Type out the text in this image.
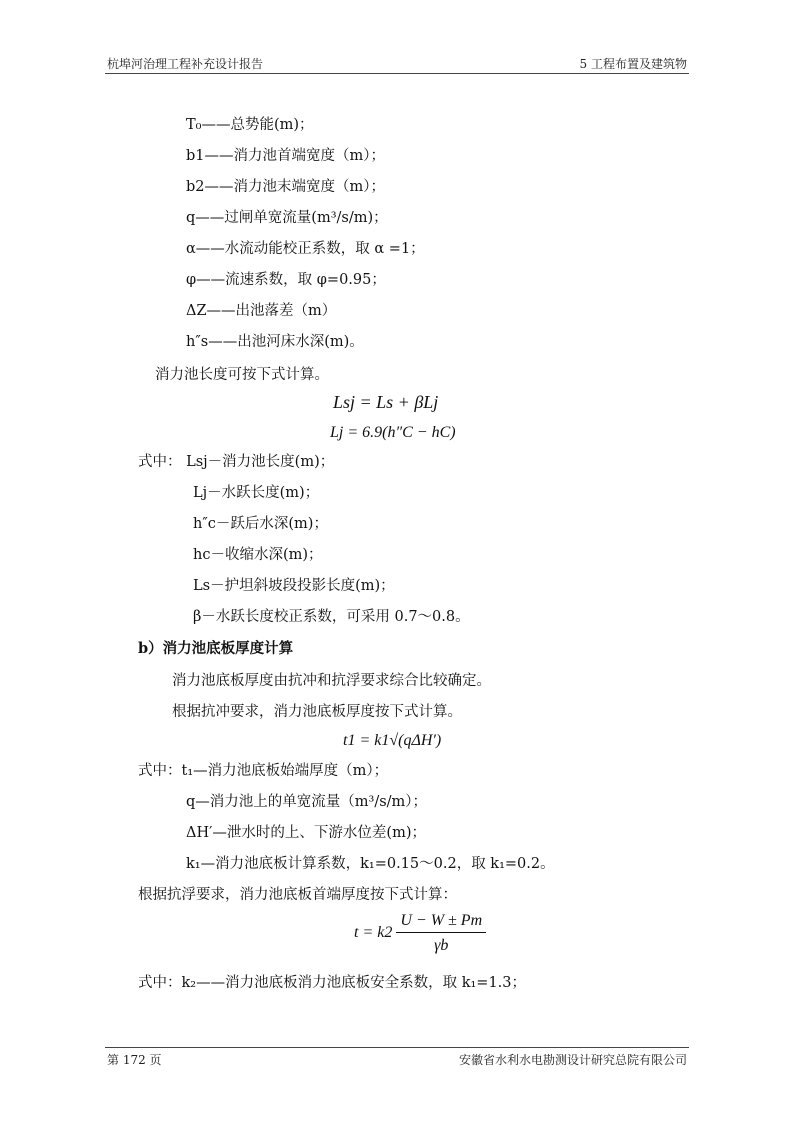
杭埠河治理工程补充设计报告	5 工程布置及建筑物
T₀——总势能(m)；
b1——消力池首端宽度（m）；
b2——消力池末端宽度（m）；
q——过闸单宽流量(m³/s/m)；
α——水流动能校正系数，取 α =1；
φ——流速系数，取 φ=0.95；
ΔZ——出池落差（m）
h″s——出池河床水深(m)。
消力池长度可按下式计算。
Lsj = Ls + βLj
Lj = 6.9(h″C − hC)
式中： Lsj－消力池长度(m)；
Lj－水跃长度(m)；
h″c－跃后水深(m)；
hc－收缩水深(m)；
Ls－护坦斜坡段投影长度(m)；
β－水跃长度校正系数，可采用 0.7～0.8。
b）消力池底板厚度计算
消力池底板厚度由抗冲和抗浮要求综合比较确定。
根据抗冲要求，消力池底板厚度按下式计算。
t1 = k1√(qΔH′)
式中：t₁—消力池底板始端厚度（m）；
q—消力池上的单宽流量（m³/s/m）；
ΔH′—泄水时的上、下游水位差(m)；
k₁—消力池底板计算系数，k₁=0.15～0.2，取 k₁=0.2。
根据抗浮要求，消力池底板首端厚度按下式计算：
$t = k2 \frac{U - W \pm Pm}{\gamma b}$
式中：k₂——消力池底板消力池底板安全系数，取 k₁=1.3；
第 172 页	安徽省水利水电勘测设计研究总院有限公司
